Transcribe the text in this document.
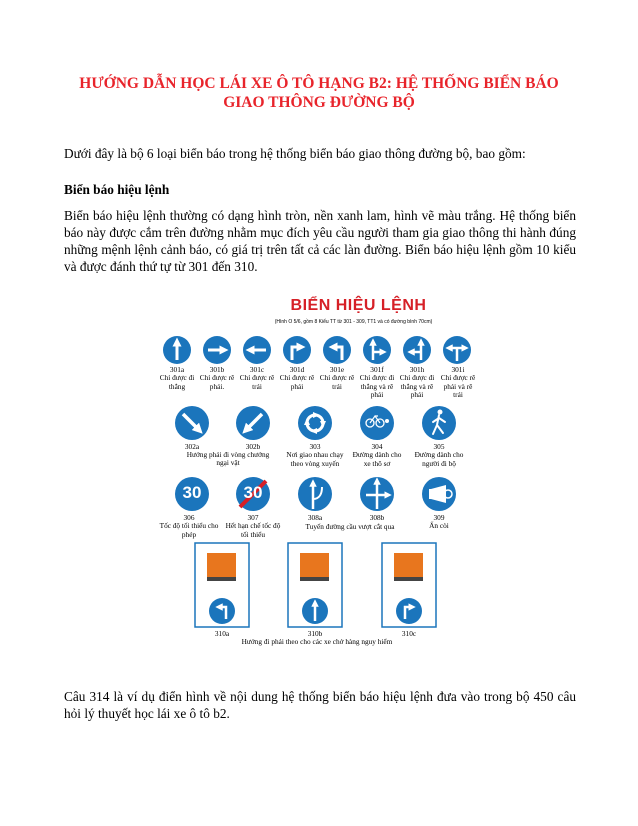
HƯỚNG DẪN HỌC LÁI XE Ô TÔ HẠNG B2: HỆ THỐNG BIỂN BÁO GIAO THÔNG ĐƯỜNG BỘ
Dưới đây là bộ 6 loại biển báo trong hệ thống biển báo giao thông đường bộ, bao gồm:
Biển báo hiệu lệnh
Biển báo hiệu lệnh thường có dạng hình tròn, nền xanh lam, hình vẽ màu trắng. Hệ thống biển báo này được cắm trên đường nhằm mục đích yêu cầu người tham gia giao thông thi hành đúng những mệnh lệnh cảnh báo, có giá trị trên tất cả các làn đường. Biển báo hiệu lệnh gồm 10 kiểu và được đánh thứ tự từ 301 đến 310.
BIỂN HIỆU LỆNH
(Hình O 5/6, gồm 8 Kiểu TT từ 301 - 309, TT1 và có đường bình 70cm)
301a
Chỉ được đi thẳng
301b
Chỉ được rẽ phải.
301c
Chỉ được rẽ trái
301d
Chỉ được rẽ phải
301e
Chỉ được rẽ trái
301f
Chỉ được đi thẳng và rẽ phải
301h
Chỉ được đi thẳng và rẽ phải
301i
Chỉ được rẽ phải và rẽ trái
302a	302b
Hướng phải đi vòng chướng ngại vật
303
Nơi giao nhau chạy theo vòng xuyến
304
Đường dành cho xe thô sơ
305
Đường dành cho người đi bộ
30	30
306
Tốc độ tối thiểu cho phép
307
Hết hạn chế tốc độ tối thiểu
308a	308b
Tuyến đường cầu vượt cắt qua
309
Ấn còi
310a	310b	310c
Hướng đi phải theo cho các xe chở hàng nguy hiểm
Câu 314 là ví dụ điển hình về nội dung hệ thống biển báo hiệu lệnh đưa vào trong bộ 450 câu hỏi lý thuyết học lái xe ô tô b2.
